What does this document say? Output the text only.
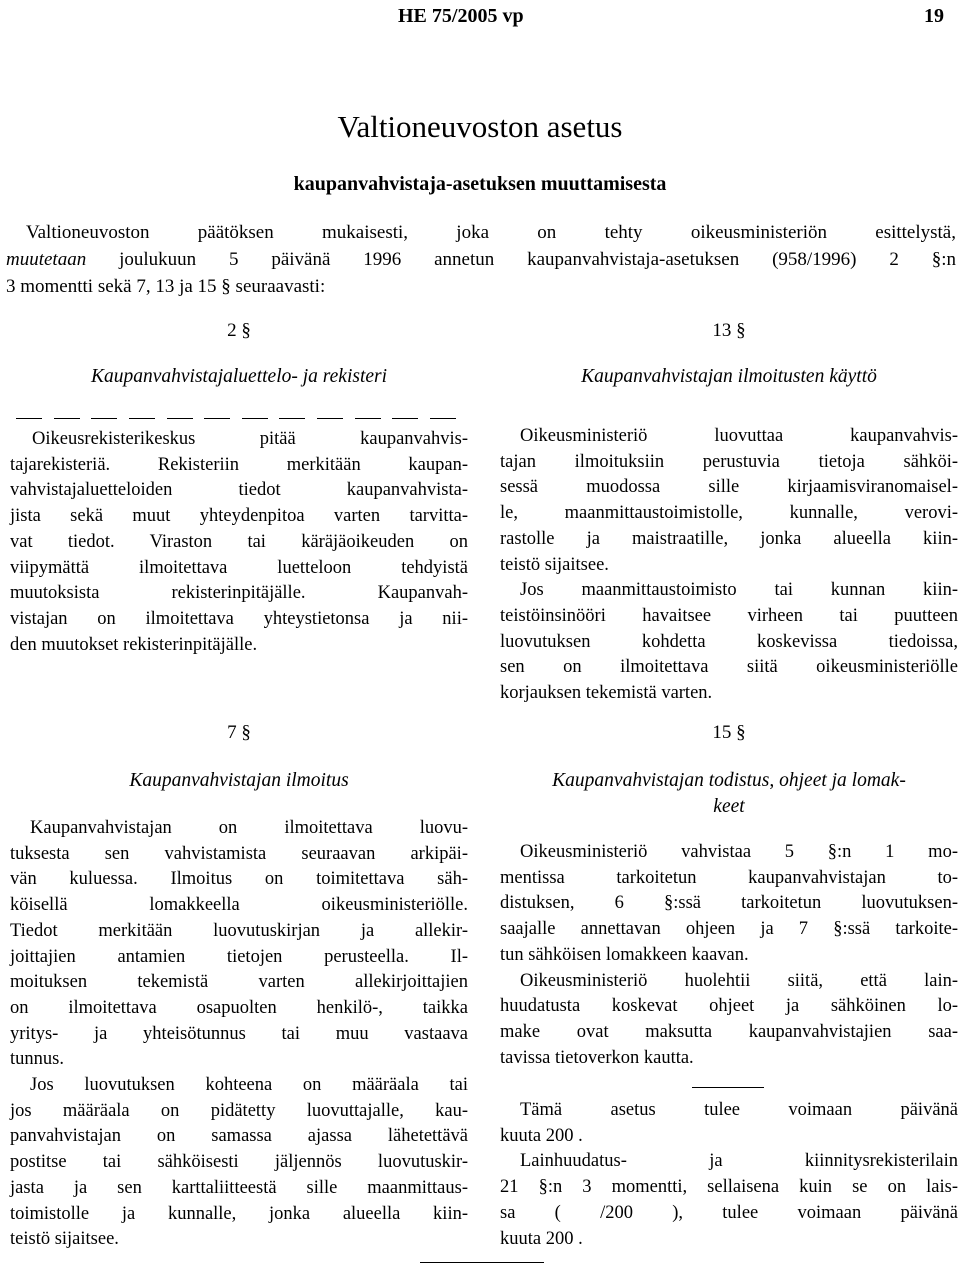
HE 75/2005 vp	19
Valtioneuvoston asetus
kaupanvahvistaja-asetuksen muuttamisesta
Valtioneuvoston päätöksen mukaisesti, joka on tehty oikeusministeriön esittelystä,
muutetaan joulukuun 5 päivänä 1996 annetun kaupanvahvistaja-asetuksen (958/1996) 2 §:n
3 momentti sekä 7, 13 ja 15 § seuraavasti:
2 §
Kaupanvahvistajaluettelo- ja rekisteri
Oikeusrekisterikeskus pitää kaupanvahvis-
tajarekisteriä. Rekisteriin merkitään kaupan-
vahvistajaluetteloiden tiedot kaupanvahvista-
jista sekä muut yhteydenpitoa varten tarvitta-
vat tiedot. Viraston tai käräjäoikeuden on
viipymättä ilmoitettava luetteloon tehdyistä
muutoksista rekisterinpitäjälle. Kaupanvah-
vistajan on ilmoitettava yhteystietonsa ja nii-
den muutokset rekisterinpitäjälle.
7 §
Kaupanvahvistajan ilmoitus
Kaupanvahvistajan on ilmoitettava luovu-
tuksesta sen vahvistamista seuraavan arkipäi-
vän kuluessa. Ilmoitus on toimitettava säh-
köisellä lomakkeella oikeusministeriölle.
Tiedot merkitään luovutuskirjan ja allekir-
joittajien antamien tietojen perusteella. Il-
moituksen tekemistä varten allekirjoittajien
on ilmoitettava osapuolten henkilö-, taikka
yritys- ja yhteisötunnus tai muu vastaava
tunnus.
Jos luovutuksen kohteena on määräala tai
jos määräala on pidätetty luovuttajalle, kau-
panvahvistajan on samassa ajassa lähetettävä
postitse tai sähköisesti jäljennös luovutuskir-
jasta ja sen karttaliitteestä sille maanmittaus-
toimistolle ja kunnalle, jonka alueella kiin-
teistö sijaitsee.
13 §
Kaupanvahvistajan ilmoitusten käyttö
Oikeusministeriö luovuttaa kaupanvahvis-
tajan ilmoituksiin perustuvia tietoja sähköi-
sessä muodossa sille kirjaamisviranomaisel-
le, maanmittaustoimistolle, kunnalle, verovi-
rastolle ja maistraatille, jonka alueella kiin-
teistö sijaitsee.
Jos maanmittaustoimisto tai kunnan kiin-
teistöinsinööri havaitsee virheen tai puutteen
luovutuksen kohdetta koskevissa tiedoissa,
sen on ilmoitettava siitä oikeusministeriölle
korjauksen tekemistä varten.
15 §
Kaupanvahvistajan todistus, ohjeet ja lomak-
keet
Oikeusministeriö vahvistaa 5 §:n 1 mo-
mentissa tarkoitetun kaupanvahvistajan to-
distuksen, 6 §:ssä tarkoitetun luovutuksen-
saajalle annettavan ohjeen ja 7 §:ssä tarkoite-
tun sähköisen lomakkeen kaavan.
Oikeusministeriö huolehtii siitä, että lain-
huudatusta koskevat ohjeet ja sähköinen lo-
make ovat maksutta kaupanvahvistajien saa-
tavissa tietoverkon kautta.
Tämä asetus tulee voimaan päivänä
kuuta 200 .
Lainhuudatus- ja kiinnitysrekisterilain
21 §:n 3 momentti, sellaisena kuin se on lais-
sa ( /200 ), tulee voimaan päivänä
kuuta 200 .
